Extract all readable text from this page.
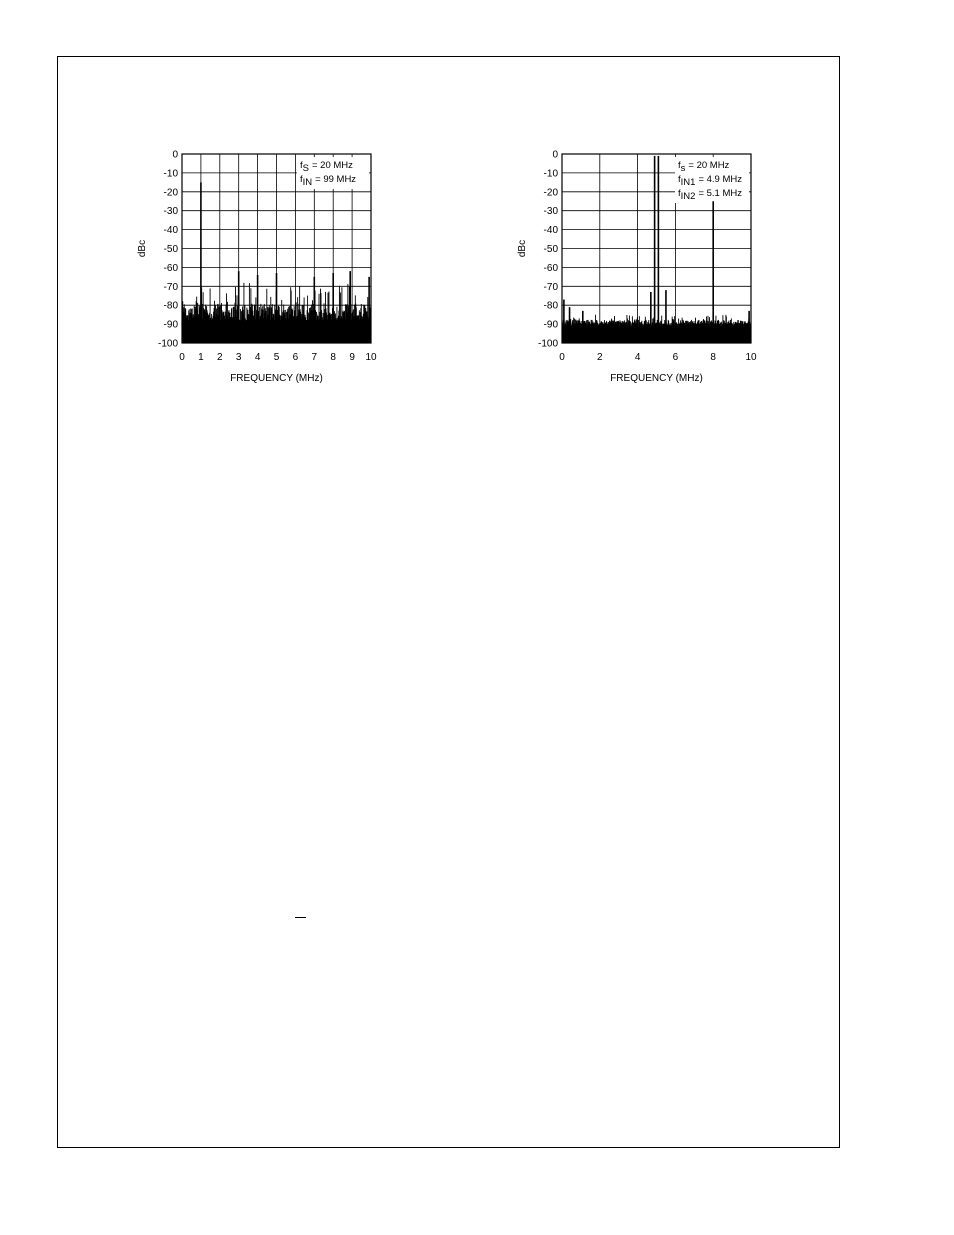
fS = 20 MHz
fIN = 99 MHz
0
-10
-20
-30
-40
-50
-60
-70
-80
-90
-100
0 1 2 3 4 5 6 7 8 9 10
FREQUENCY (MHz)
dBc
fs = 20 MHz
fIN1 = 4.9 MHz
fIN2 = 5.1 MHz
0
-10
-20
-30
-40
-50
-60
-70
-80
-90
-100
0	2	4	6	8	10
FREQUENCY (MHz)
dBc
